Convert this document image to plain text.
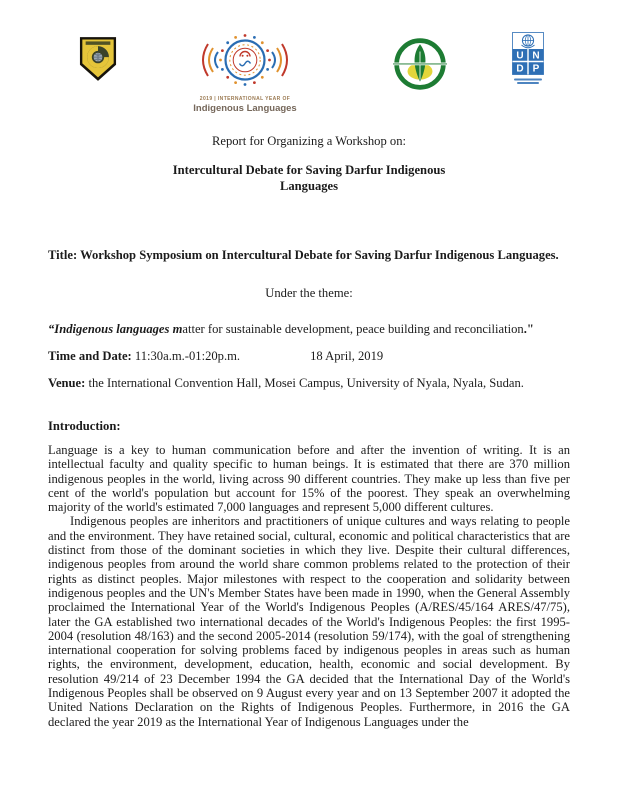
2019 | INTERNATIONAL YEAR OF
Indigenous Languages
U N
D P
Report for Organizing a Workshop on:
Intercultural Debate for Saving Darfur Indigenous
Languages
Title: Workshop Symposium on Intercultural Debate for Saving Darfur Indigenous Languages.
Under the theme:
“Indigenous languages matter for sustainable development, peace building and reconciliation."
Time and Date: 11:30a.m.-01:20p.m.	18 April, 2019
Venue: the International Convention Hall, Mosei Campus, University of Nyala, Nyala, Sudan.
Introduction:

Language is a key to human communication before and after the invention of writing. It is an intellectual faculty and quality specific to human beings. It is estimated that there are 370 million indigenous peoples in the world, living across 90 different countries. They make up less than five per cent of the world's population but account for 15% of the poorest. They speak an overwhelming majority of the world's estimated 7,000 languages and represent 5,000 different cultures.

Indigenous peoples are inheritors and practitioners of unique cultures and ways relating to people and the environment. They have retained social, cultural, economic and political characteristics that are distinct from those of the dominant societies in which they live. Despite their cultural differences, indigenous peoples from around the world share common problems related to the protection of their rights as distinct peoples. Major milestones with respect to the cooperation and solidarity between indigenous peoples and the UN's Member States have been made in 1990, when the General Assembly proclaimed the International Year of the World's Indigenous Peoples (A/RES/45/164 ARES/47/75), later the GA established two international decades of the World's Indigenous Peoples: the first 1995-2004 (resolution 48/163) and the second 2005-2014 (resolution 59/174), with the goal of strengthening international cooperation for solving problems faced by indigenous peoples in areas such as human rights, the environment, development, education, health, economic and social development. By resolution 49/214 of 23 December 1994 the GA decided that the International Day of the World's Indigenous Peoples shall be observed on 9 August every year and on 13 September 2007 it adopted the United Nations Declaration on the Rights of Indigenous Peoples. Furthermore, in 2016 the GA declared the year 2019 as the International Year of Indigenous Languages under the
